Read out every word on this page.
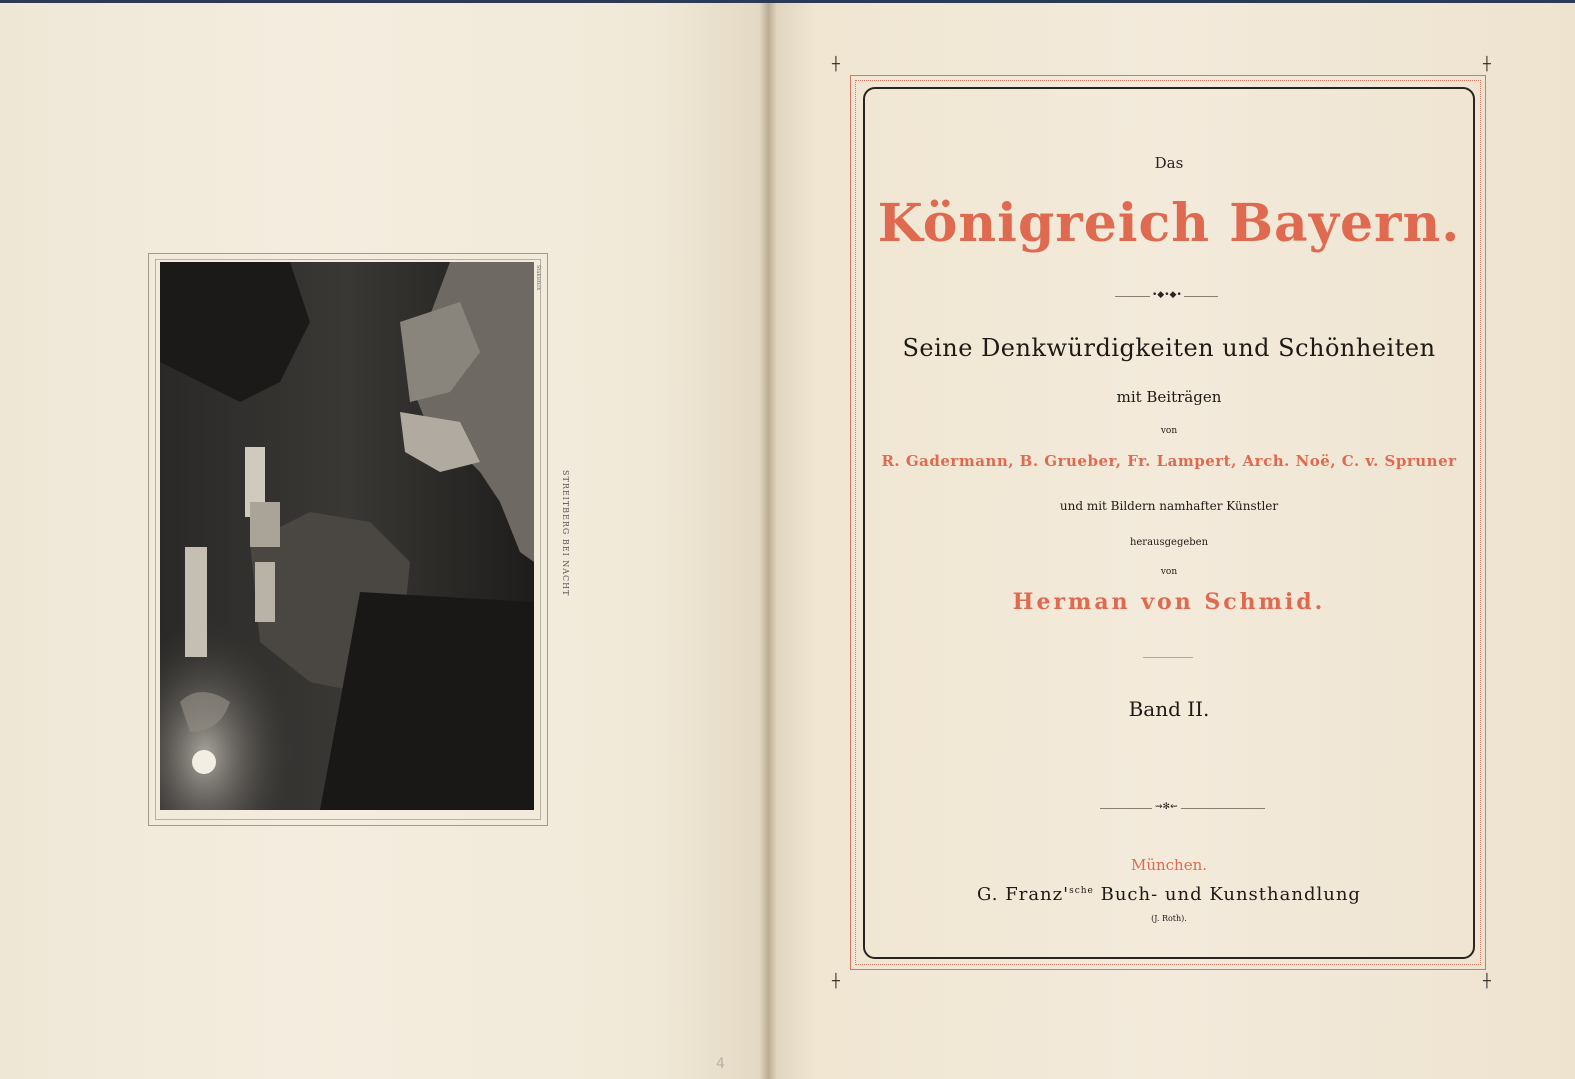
Stahlstich
STREITBERG BEI NACHT
4
┼	┼
┼	┼
Das
Königreich Bayern.
•◆•◆•
Seine Denkwürdigkeiten und Schönheiten
mit Beiträgen
von
R. Gadermann, B. Grueber, Fr. Lampert, Arch. Noë, C. v. Spruner
und mit Bildern namhafter Künstler
herausgegeben
von
Herman von Schmid.
Band II.
⇝✻⇜
München.
G. $Franz'^{sche}$ Buch- und Kunsthandlung
(J. Roth).
